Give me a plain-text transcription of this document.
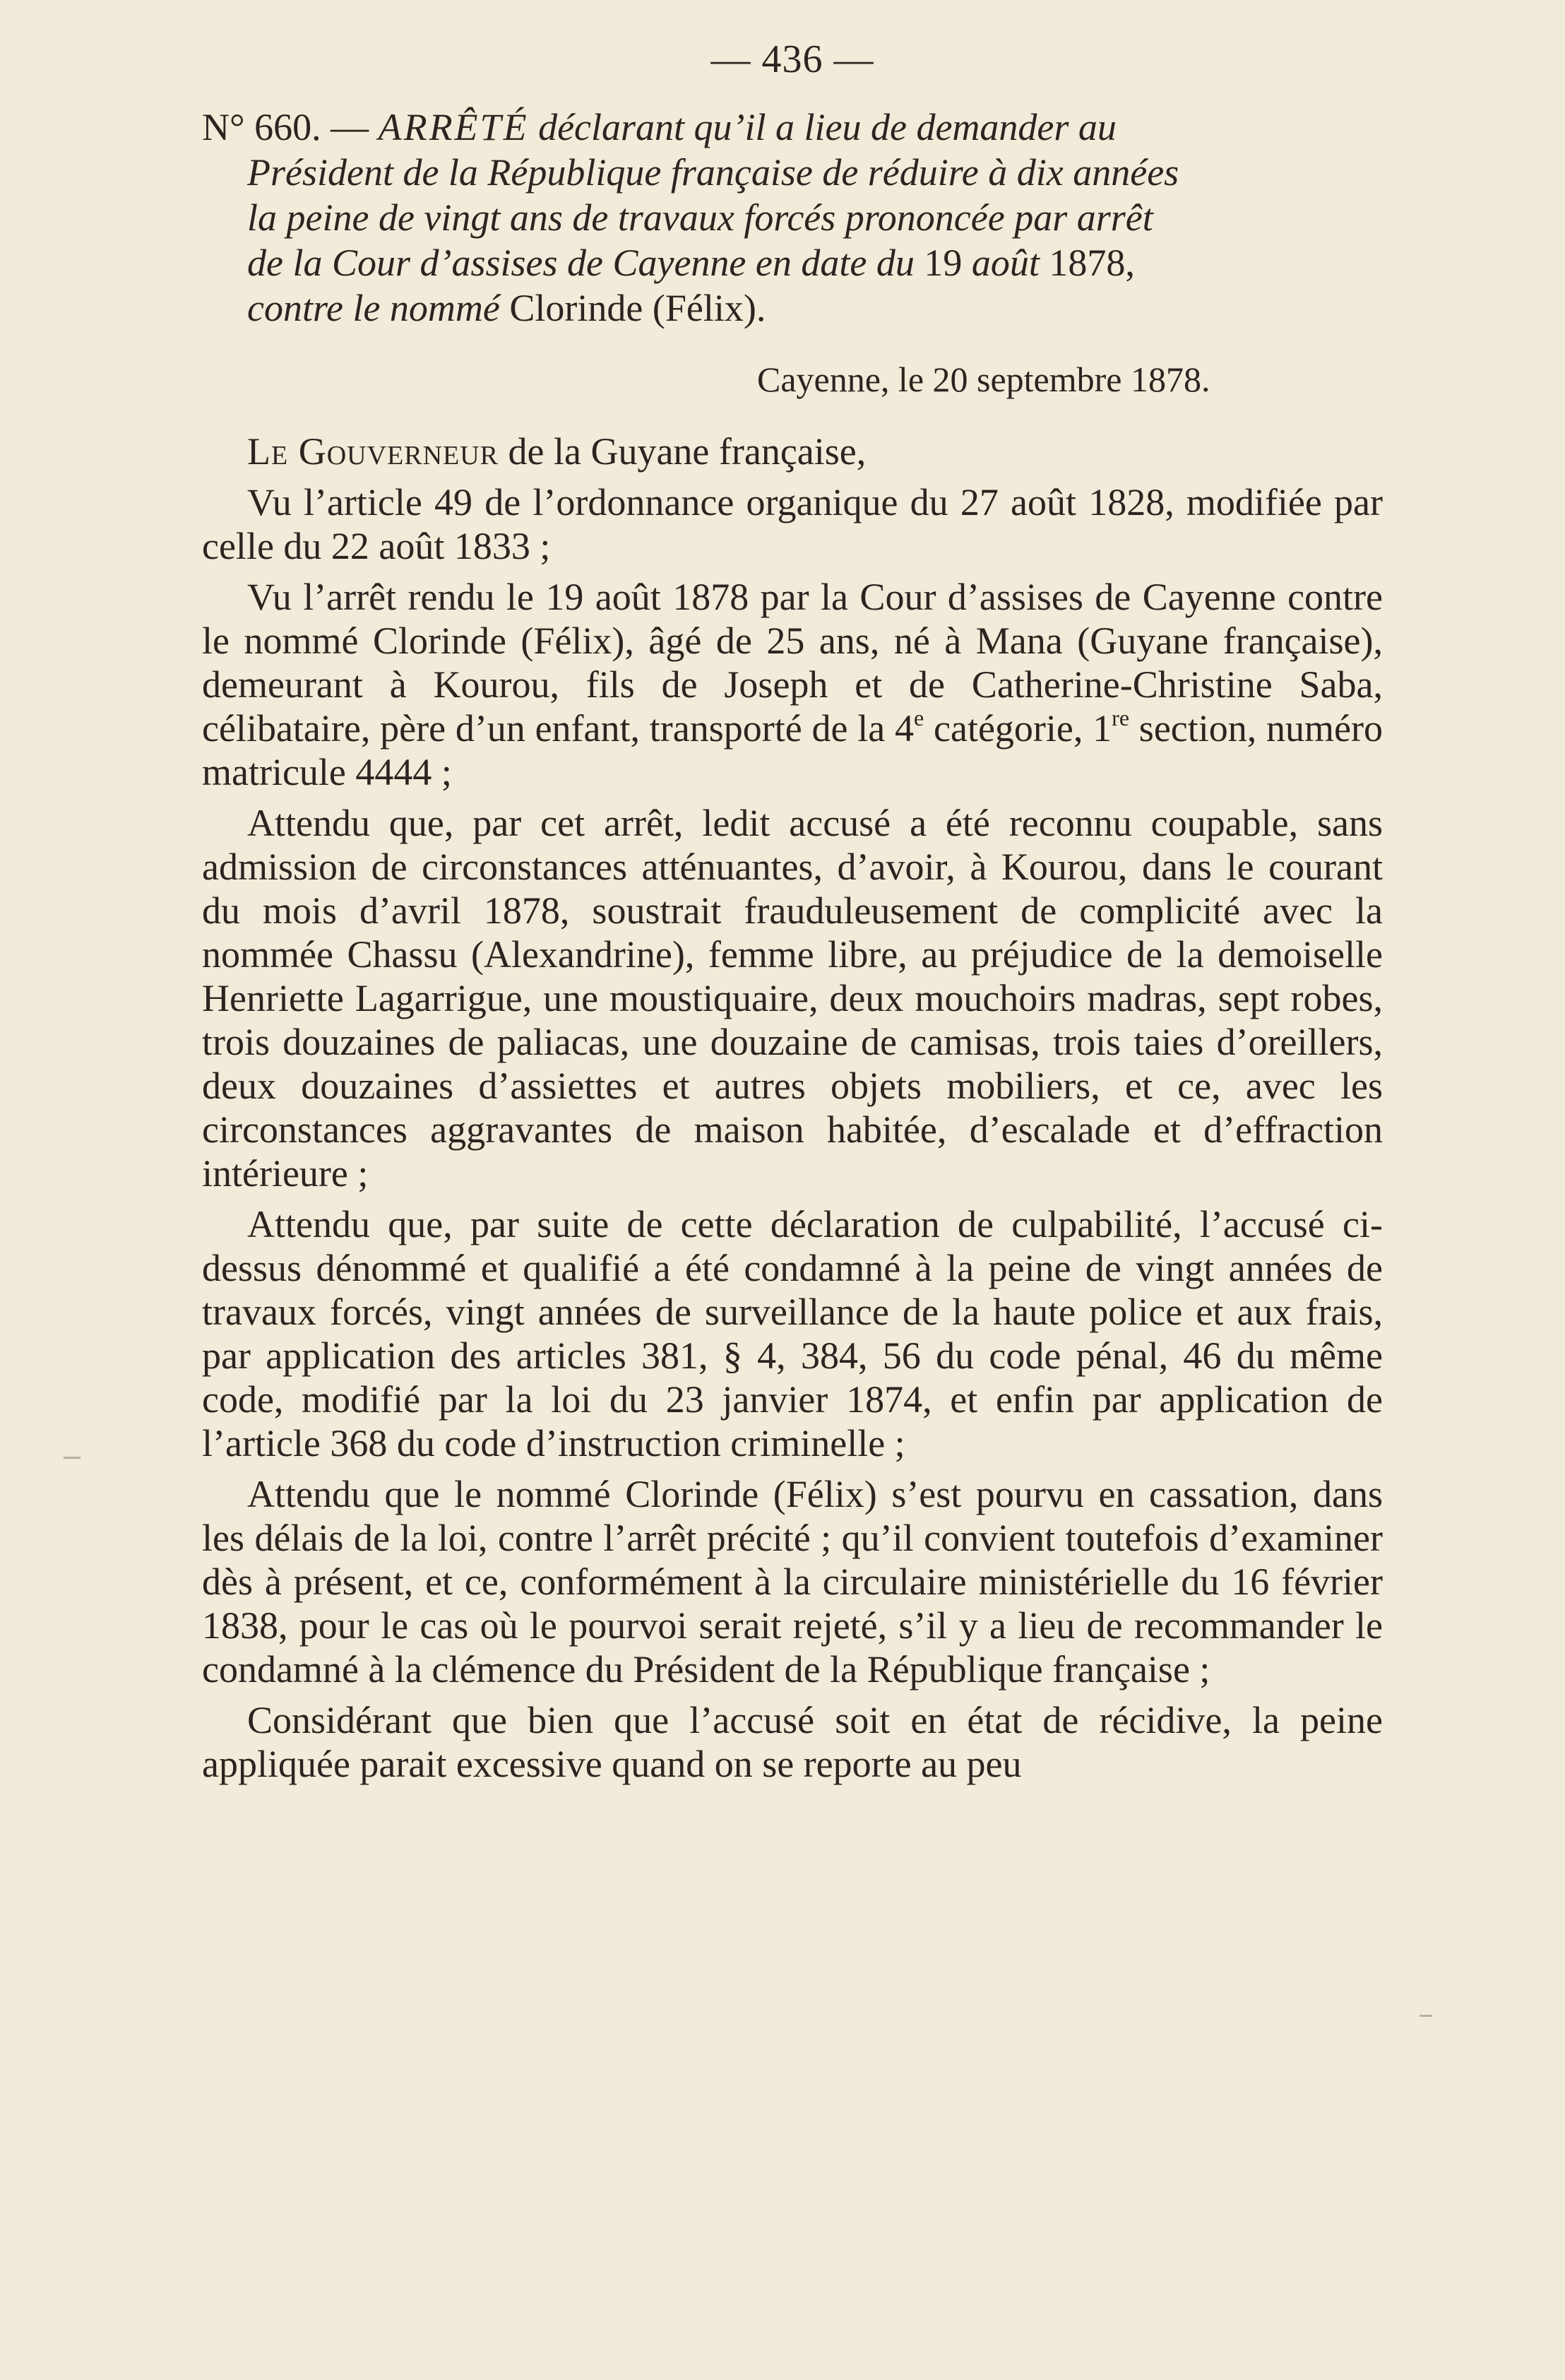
— 436 —
N° 660. — ARRÊTÉ déclarant qu’il a lieu de demander au
Président de la République française de réduire à dix années
la peine de vingt ans de travaux forcés prononcée par arrêt
de la Cour d’assises de Cayenne en date du 19 août 1878,
contre le nommé Clorinde (Félix).
Cayenne, le 20 septembre 1878.

Le Gouverneur de la Guyane française,

Vu l’article 49 de l’ordonnance organique du 27 août 1828, modifiée par celle du 22 août 1833 ;

Vu l’arrêt rendu le 19 août 1878 par la Cour d’assises de Cayenne contre le nommé Clorinde (Félix), âgé de 25 ans, né à Mana (Guyane française), demeurant à Kourou, fils de Joseph et de Catherine-Christine Saba, célibataire, père d’un enfant, transporté de la 4e catégorie, 1re section, numéro matricule 4444 ;

Attendu que, par cet arrêt, ledit accusé a été reconnu coupable, sans admission de circonstances atténuantes, d’avoir, à Kourou, dans le courant du mois d’avril 1878, soustrait frauduleusement de complicité avec la nommée Chassu (Alexandrine), femme libre, au préjudice de la demoiselle Henriette Lagarrigue, une moustiquaire, deux mouchoirs madras, sept robes, trois douzaines de paliacas, une douzaine de camisas, trois taies d’oreillers, deux douzaines d’assiettes et autres objets mobiliers, et ce, avec les circonstances aggravantes de maison habitée, d’escalade et d’effraction intérieure ;

Attendu que, par suite de cette déclaration de culpabilité, l’accusé ci-dessus dénommé et qualifié a été condamné à la peine de vingt années de travaux forcés, vingt années de surveillance de la haute police et aux frais, par application des articles 381, § 4, 384, 56 du code pénal, 46 du même code, modifié par la loi du 23 janvier 1874, et enfin par application de l’article 368 du code d’instruction criminelle ;

Attendu que le nommé Clorinde (Félix) s’est pourvu en cassation, dans les délais de la loi, contre l’arrêt précité ; qu’il convient toutefois d’examiner dès à présent, et ce, conformément à la circulaire ministérielle du 16 février 1838, pour le cas où le pourvoi serait rejeté, s’il y a lieu de recommander le condamné à la clémence du Président de la République française ;

Considérant que bien que l’accusé soit en état de récidive, la peine appliquée parait excessive quand on se reporte au peu
